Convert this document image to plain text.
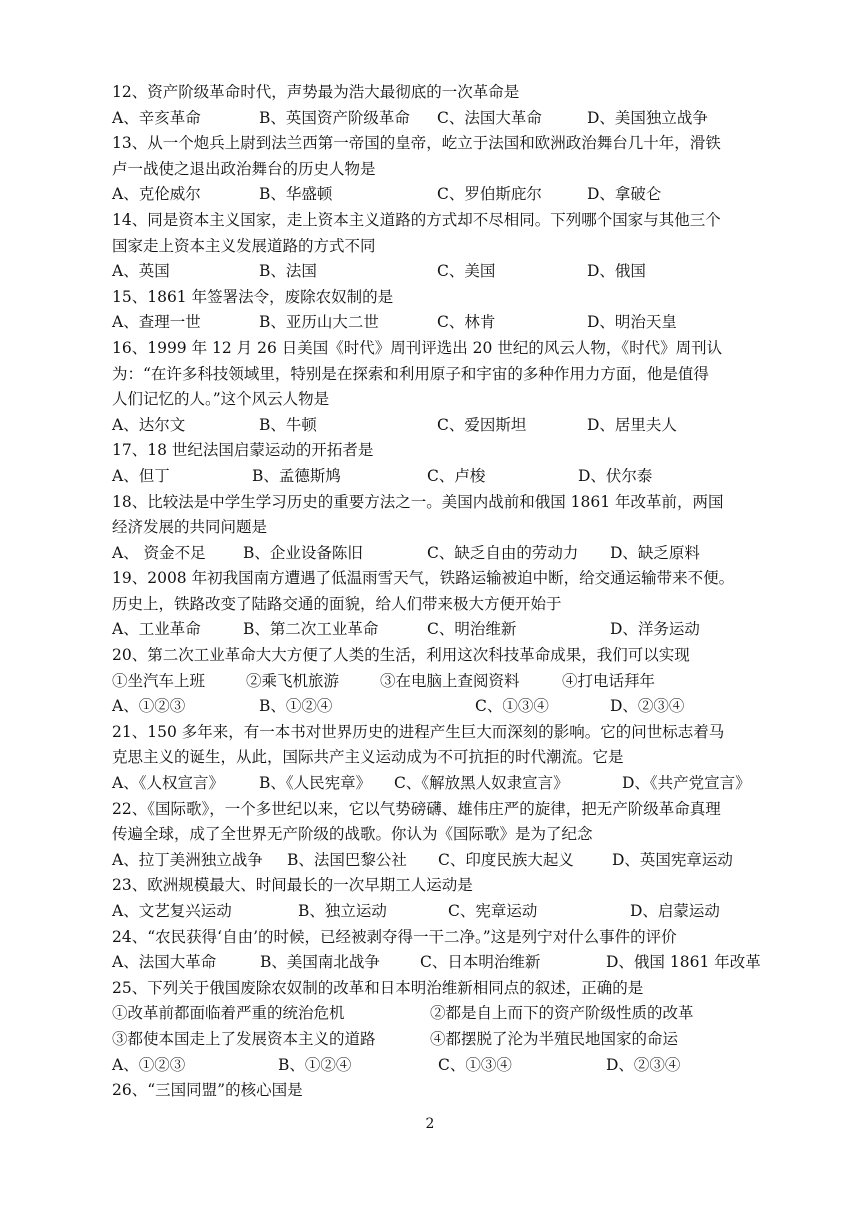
12、资产阶级革命时代，声势最为浩大最彻底的一次革命是
A、辛亥革命	B、英国资产阶级革命 C、法国大革命	D、美国独立战争
13、从一个炮兵上尉到法兰西第一帝国的皇帝，屹立于法国和欧洲政治舞台几十年，滑铁
卢一战使之退出政治舞台的历史人物是
A、克伦威尔	B、华盛顿	C、罗伯斯庇尔	D、拿破仑
14、同是资本主义国家，走上资本主义道路的方式却不尽相同。下列哪个国家与其他三个
国家走上资本主义发展道路的方式不同
A、英国	B、法国	C、美国	D、俄国
15、1861 年签署法令，废除农奴制的是
A、查理一世	B、亚历山大二世	C、林肯	D、明治天皇
16、1999 年 12 月 26 日美国《时代》周刊评选出 20 世纪的风云人物，《时代》周刊认
为：“在许多科技领域里，特别是在探索和利用原子和宇宙的多种作用力方面，他是值得
人们记忆的人。”这个风云人物是
A、达尔文	B、牛顿	C、爱因斯坦	D、居里夫人
17、18 世纪法国启蒙运动的开拓者是
A、但丁	B、孟德斯鸠	C、卢梭	D、伏尔泰
18、比较法是中学生学习历史的重要方法之一。美国内战前和俄国 1861 年改革前，两国
经济发展的共同问题是
A、 资金不足 B、企业设备陈旧	C、缺乏自由的劳动力 D、缺乏原料
19、2008 年初我国南方遭遇了低温雨雪天气，铁路运输被迫中断，给交通运输带来不便。
历史上，铁路改变了陆路交通的面貌，给人们带来极大方便开始于
A、工业革命	B、第二次工业革命	C、明治维新	D、洋务运动
20、第二次工业革命大大方便了人类的生活，利用这次科技革命成果，我们可以实现
①坐汽车上班	②乘飞机旅游	③在电脑上查阅资料	④打电话拜年
A、①②③	B、①②④	C、①③④	D、②③④
21、150 多年来，有一本书对世界历史的进程产生巨大而深刻的影响。它的问世标志着马
克思主义的诞生，从此，国际共产主义运动成为不可抗拒的时代潮流。它是
A、《人权宣言》 B、《人民宪章》 C、《解放黑人奴隶宣言》	D、《共产党宣言》
22、《国际歌》，一个多世纪以来，它以气势磅礴、雄伟庄严的旋律，把无产阶级革命真理
传遍全球，成了全世界无产阶级的战歌。你认为《国际歌》是为了纪念
A、拉丁美洲独立战争 B、法国巴黎公社 C、印度民族大起义 D、英国宪章运动
23、欧洲规模最大、时间最长的一次早期工人运动是
A、文艺复兴运动	B、独立运动	C、宪章运动	D、启蒙运动
24、“农民获得‘自由’的时候，已经被剥夺得一干二净。”这是列宁对什么事件的评价
A、法国大革命	B、美国南北战争	C、日本明治维新	D、俄国 1861 年改革
25、下列关于俄国废除农奴制的改革和日本明治维新相同点的叙述，正确的是
①改革前都面临着严重的统治危机	②都是自上而下的资产阶级性质的改革
③都使本国走上了发展资本主义的道路	④都摆脱了沦为半殖民地国家的命运
A、①②③	B、①②④	C、①③④	D、②③④
26、“三国同盟”的核心国是
2
